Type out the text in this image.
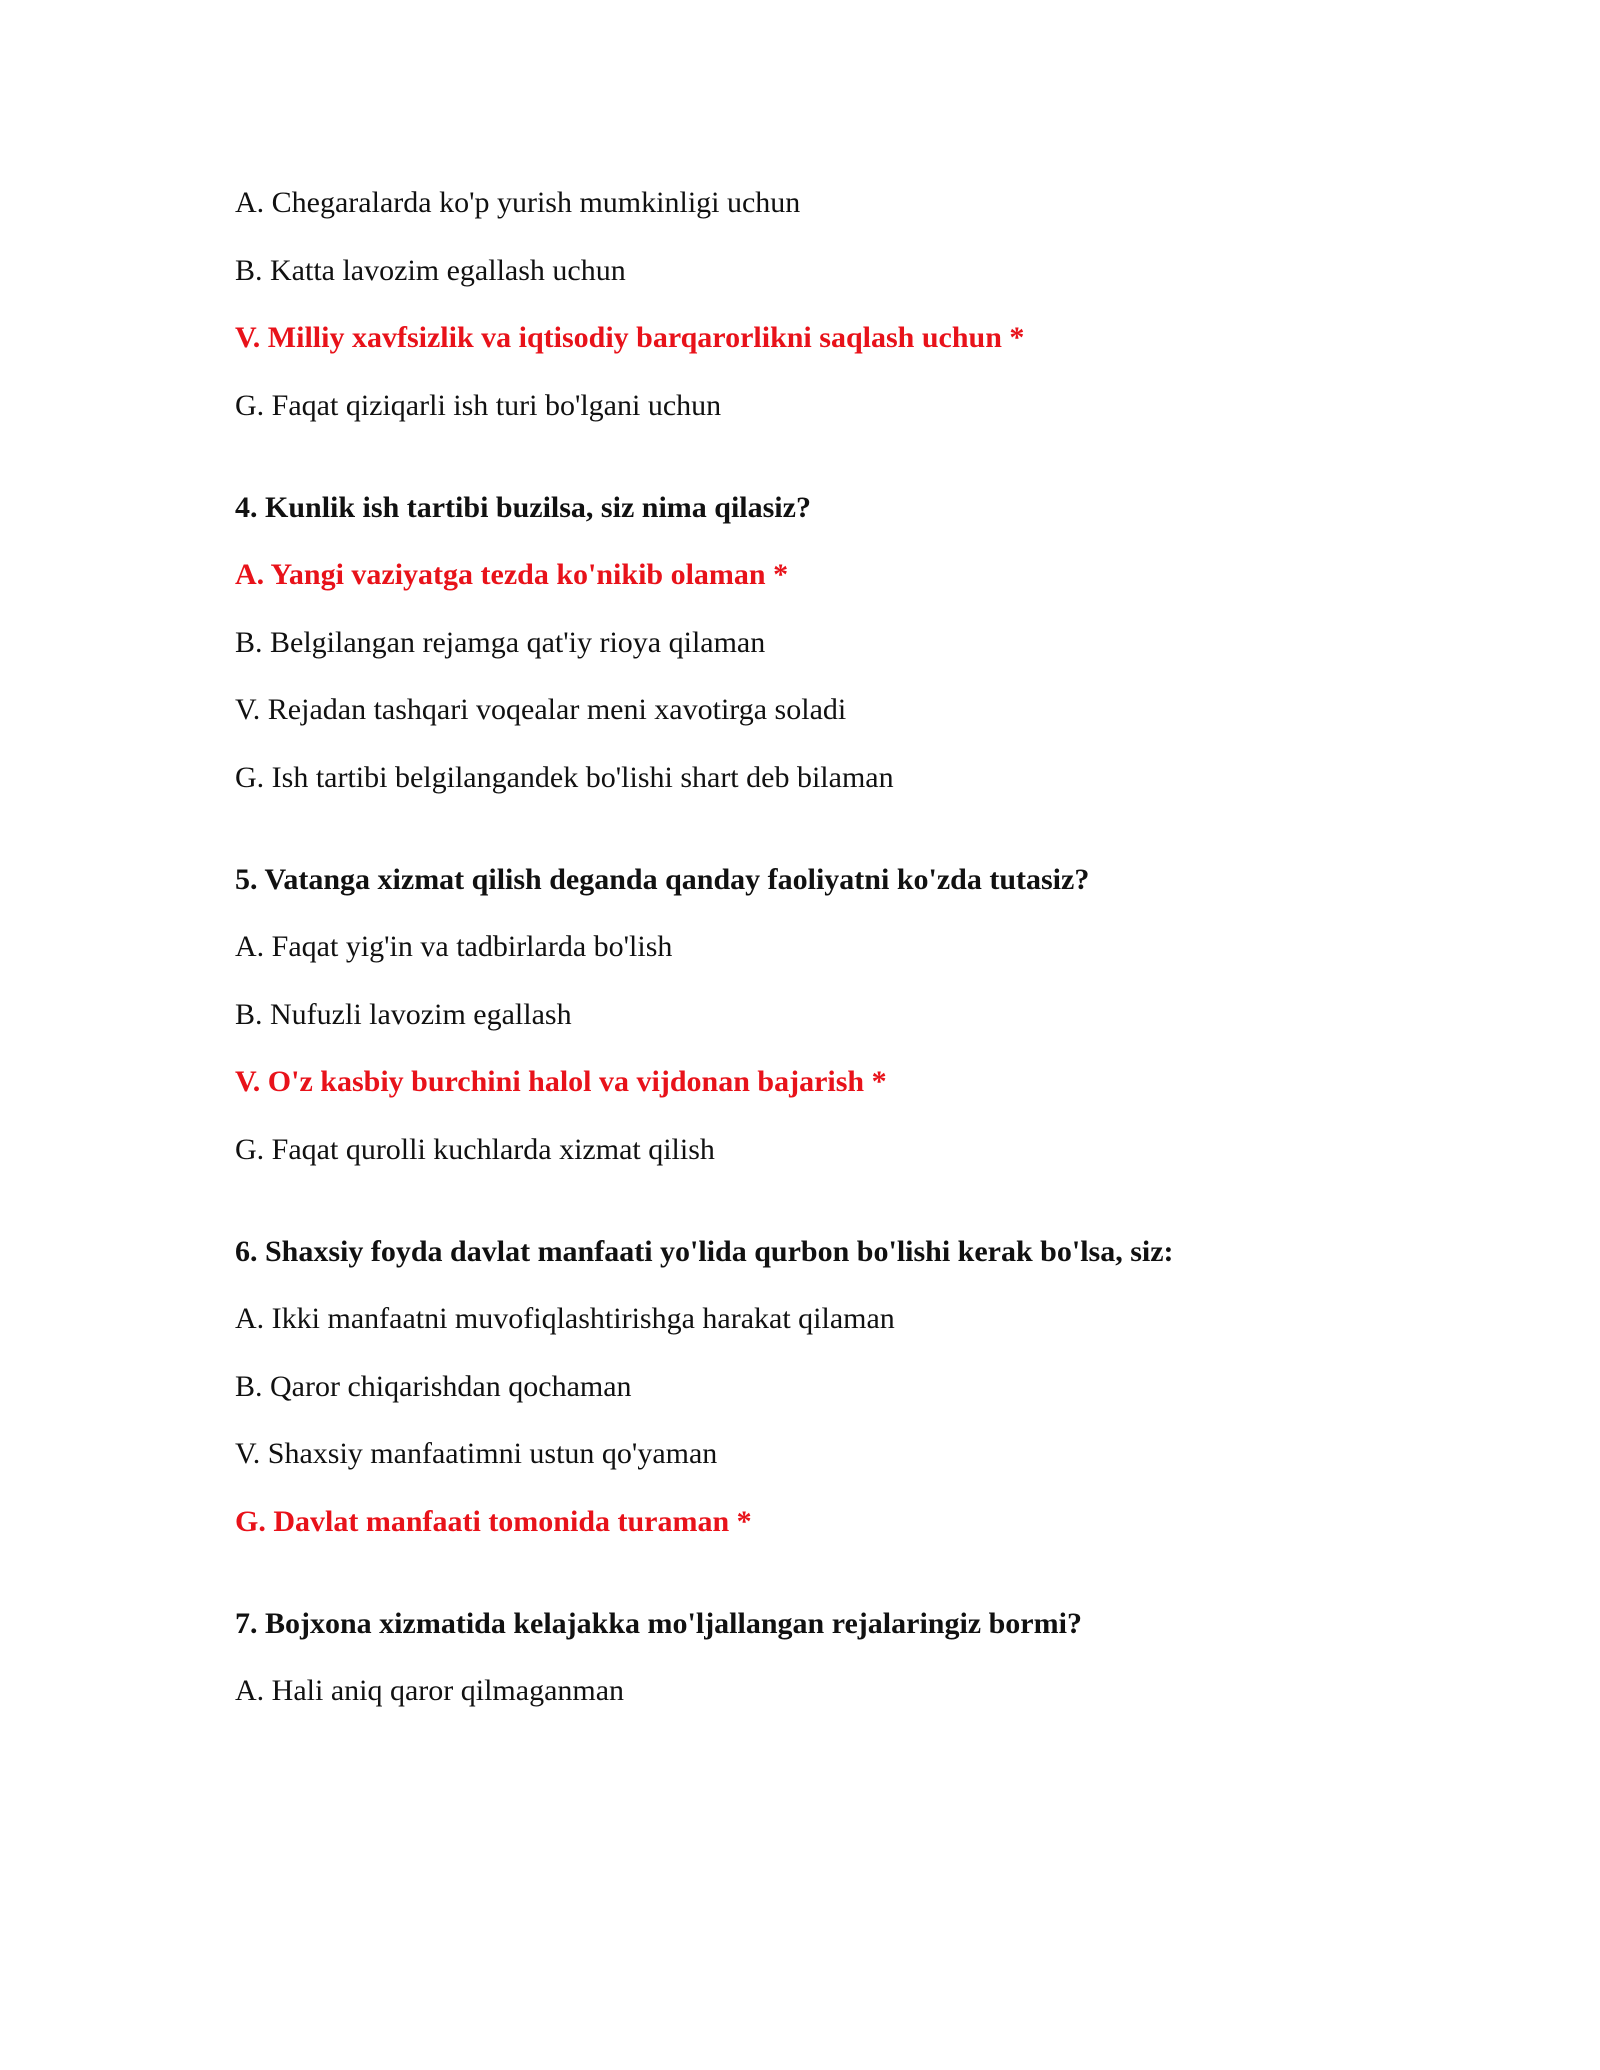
A. Chegaralarda ko'p yurish mumkinligi uchun
B. Katta lavozim egallash uchun
V. Milliy xavfsizlik va iqtisodiy barqarorlikni saqlash uchun *
G. Faqat qiziqarli ish turi bo'lgani uchun
4. Kunlik ish tartibi buzilsa, siz nima qilasiz?
A. Yangi vaziyatga tezda ko'nikib olaman *
B. Belgilangan rejamga qat'iy rioya qilaman
V. Rejadan tashqari voqealar meni xavotirga soladi
G. Ish tartibi belgilangandek bo'lishi shart deb bilaman
5. Vatanga xizmat qilish deganda qanday faoliyatni ko'zda tutasiz?
A. Faqat yig'in va tadbirlarda bo'lish
B. Nufuzli lavozim egallash
V. O'z kasbiy burchini halol va vijdonan bajarish *
G. Faqat qurolli kuchlarda xizmat qilish
6. Shaxsiy foyda davlat manfaati yo'lida qurbon bo'lishi kerak bo'lsa, siz:
A. Ikki manfaatni muvofiqlashtirishga harakat qilaman
B. Qaror chiqarishdan qochaman
V. Shaxsiy manfaatimni ustun qo'yaman
G. Davlat manfaati tomonida turaman *
7. Bojxona xizmatida kelajakka mo'ljallangan rejalaringiz bormi?
A. Hali aniq qaror qilmaganman
